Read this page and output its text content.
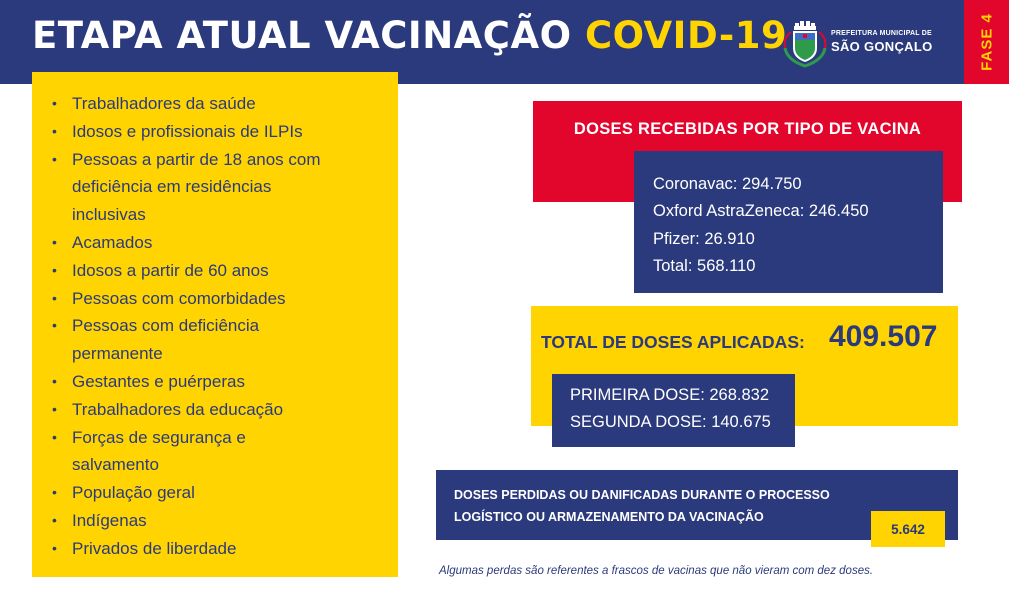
ETAPA ATUAL VACINAÇÃO COVID-19	PREFEITURA MUNICIPAL DE
SÃO GONÇALO	FASE 4
• Trabalhadores da saúde
• Idosos e profissionais de ILPIs
• Pessoas a partir de 18 anos com
deficiência em residências
inclusivas
• Acamados
• Idosos a partir de 60 anos
• Pessoas com comorbidades
• Pessoas com deficiência
permanente
• Gestantes e puérperas
• Trabalhadores da educação
• Forças de segurança e
salvamento
• População geral
• Indígenas
• Privados de liberdade
DOSES RECEBIDAS POR TIPO DE VACINA
Coronavac: 294.750
Oxford AstraZeneca: 246.450
Pfizer: 26.910
Total: 568.110
TOTAL DE DOSES APLICADAS: 409.507
PRIMEIRA DOSE: 268.832
SEGUNDA DOSE: 140.675
DOSES PERDIDAS OU DANIFICADAS DURANTE O PROCESSO
LOGÍSTICO OU ARMAZENAMENTO DA VACINAÇÃO
5.642
Algumas perdas são referentes a frascos de vacinas que não vieram com dez doses.
